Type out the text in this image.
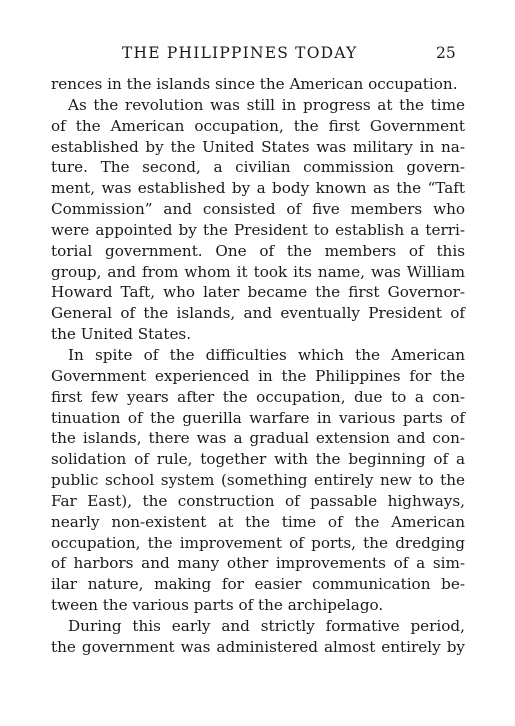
THE PHILIPPINES TODAY	25
rences in the islands since the American occupation.
As the revolution was still in progress at the time
of the American occupation, the first Government
established by the United States was military in na-
ture. The second, a civilian commission govern-
ment, was established by a body known as the “Taft
Commission” and consisted of five members who
were appointed by the President to establish a terri-
torial government. One of the members of this
group, and from whom it took its name, was William
Howard Taft, who later became the first Governor-
General of the islands, and eventually President of
the United States.
In spite of the difficulties which the American
Government experienced in the Philippines for the
first few years after the occupation, due to a con-
tinuation of the guerilla warfare in various parts of
the islands, there was a gradual extension and con-
solidation of rule, together with the beginning of a
public school system (something entirely new to the
Far East), the construction of passable highways,
nearly non-existent at the time of the American
occupation, the improvement of ports, the dredging
of harbors and many other improvements of a sim-
ilar nature, making for easier communication be-
tween the various parts of the archipelago.
During this early and strictly formative period,
the government was administered almost entirely by
